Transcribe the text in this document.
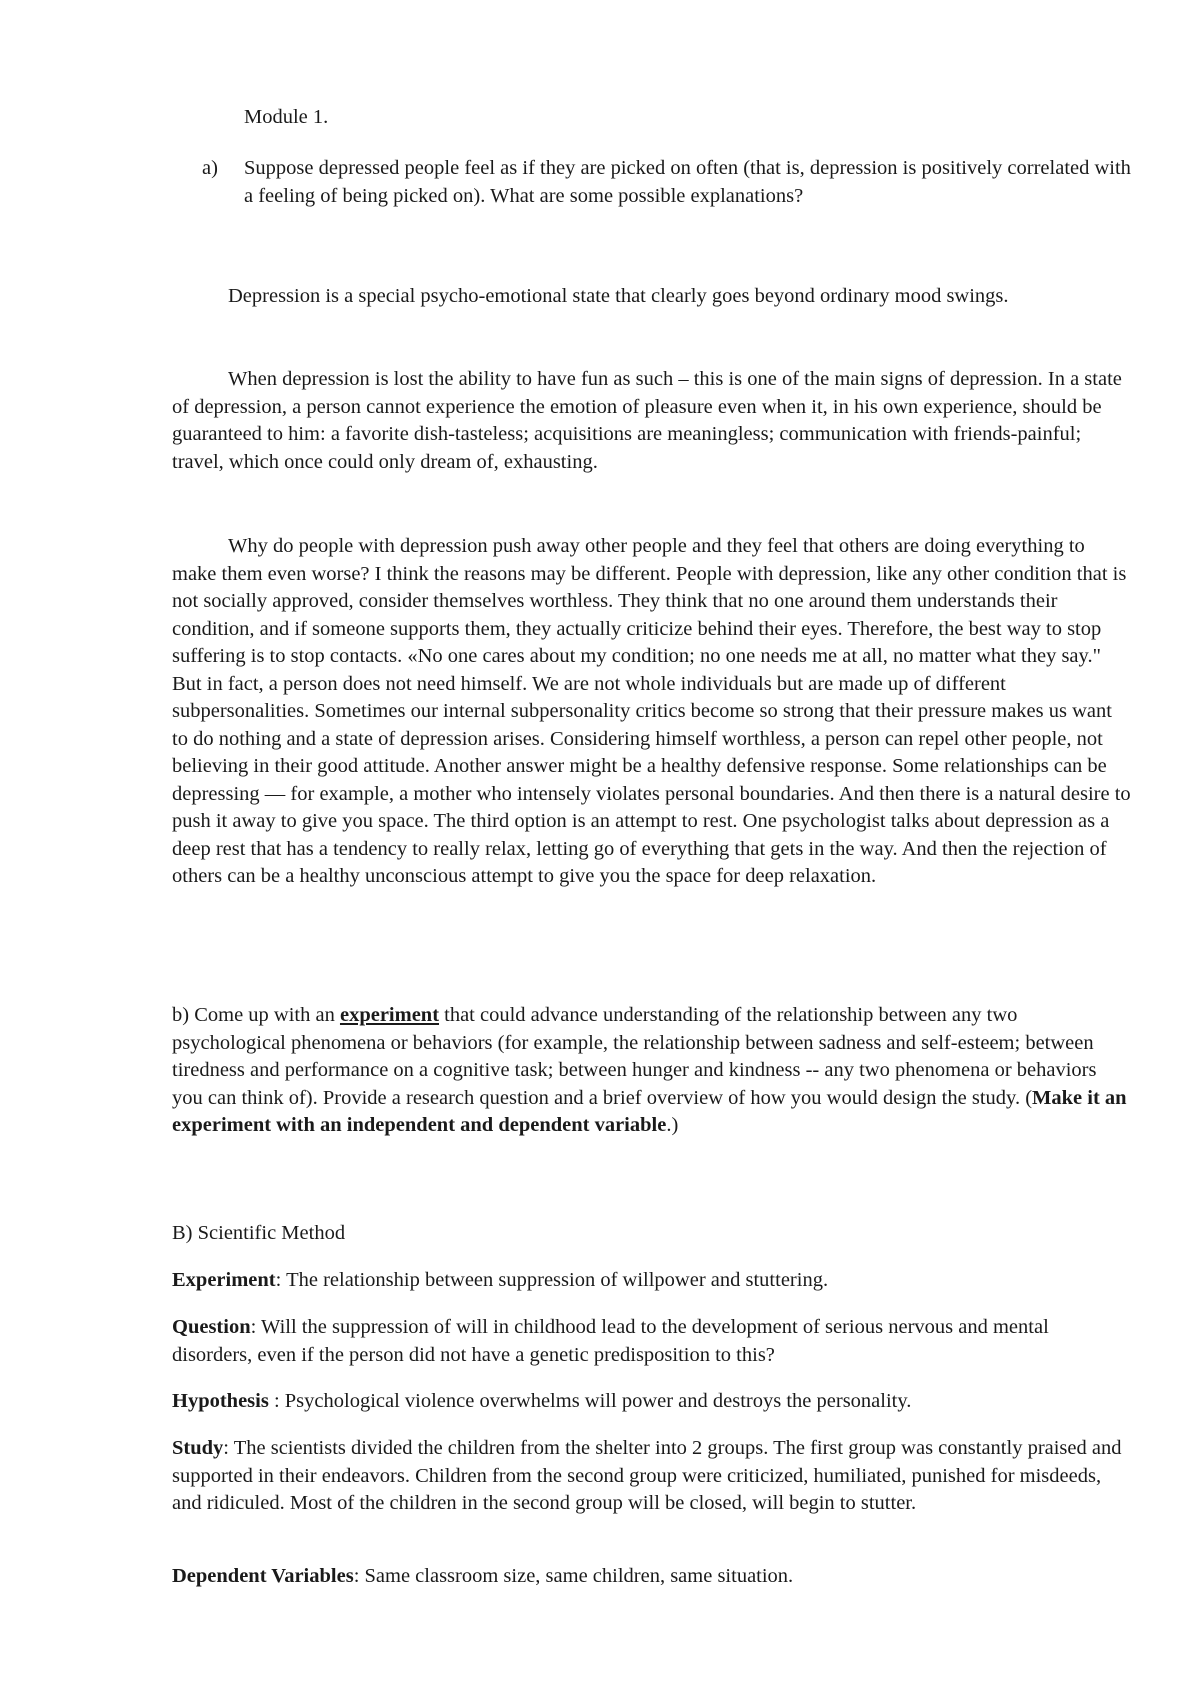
Module 1.

a)	Suppose depressed people feel as if they are picked on often (that is, depression is positively correlated with a feeling of being picked on). What are some possible explanations?

Depression is a special psycho-emotional state that clearly goes beyond ordinary mood swings.

When depression is lost the ability to have fun as such – this is one of the main signs of depression. In a state of depression, a person cannot experience the emotion of pleasure even when it, in his own experience, should be guaranteed to him: a favorite dish-tasteless; acquisitions are meaningless; communication with friends-painful; travel, which once could only dream of, exhausting.

Why do people with depression push away other people and they feel that others are doing everything to make them even worse? I think the reasons may be different. People with depression, like any other condition that is not socially approved, consider themselves worthless. They think that no one around them understands their condition, and if someone supports them, they actually criticize behind their eyes. Therefore, the best way to stop suffering is to stop contacts. «No one cares about my condition; no one needs me at all, no matter what they say." But in fact, a person does not need himself. We are not whole individuals but are made up of different subpersonalities. Sometimes our internal subpersonality critics become so strong that their pressure makes us want to do nothing and a state of depression arises. Considering himself worthless, a person can repel other people, not believing in their good attitude. Another answer might be a healthy defensive response. Some relationships can be depressing — for example, a mother who intensely violates personal boundaries. And then there is a natural desire to push it away to give you space. The third option is an attempt to rest. One psychologist talks about depression as a deep rest that has a tendency to really relax, letting go of everything that gets in the way. And then the rejection of others can be a healthy unconscious attempt to give you the space for deep relaxation.

b) Come up with an experiment that could advance understanding of the relationship between any two psychological phenomena or behaviors (for example, the relationship between sadness and self-esteem; between tiredness and performance on a cognitive task; between hunger and kindness -- any two phenomena or behaviors you can think of). Provide a research question and a brief overview of how you would design the study. (Make it an experiment with an independent and dependent variable.)

B) Scientific Method

Experiment: The relationship between suppression of willpower and stuttering.

Question: Will the suppression of will in childhood lead to the development of serious nervous and mental disorders, even if the person did not have a genetic predisposition to this?

Hypothesis : Psychological violence overwhelms will power and destroys the personality.

Study: The scientists divided the children from the shelter into 2 groups. The first group was constantly praised and supported in their endeavors. Children from the second group were criticized, humiliated, punished for misdeeds, and ridiculed. Most of the children in the second group will be closed, will begin to stutter.

Dependent Variables: Same classroom size, same children, same situation.
